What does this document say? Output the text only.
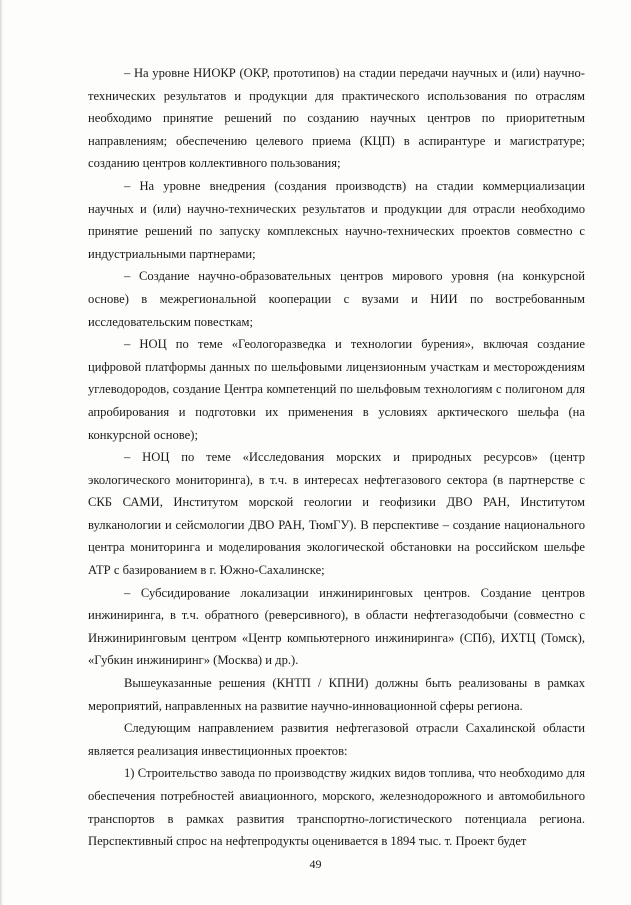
– На уровне НИОКР (ОКР, прототипов) на стадии передачи научных и (или) научно-технических результатов и продукции для практического использования по отраслям необходимо принятие решений по созданию научных центров по приоритетным направлениям; обеспечению целевого приема (КЦП) в аспирантуре и магистратуре; созданию центров коллективного пользования;

– На уровне внедрения (создания производств) на стадии коммерциализации научных и (или) научно-технических результатов и продукции для отрасли необходимо принятие решений по запуску комплексных научно-технических проектов совместно с индустриальными партнерами;

– Создание научно-образовательных центров мирового уровня (на конкурсной основе) в межрегиональной кооперации с вузами и НИИ по востребованным исследовательским повесткам;

– НОЦ по теме «Геологоразведка и технологии бурения», включая создание цифровой платформы данных по шельфовыми лицензионным участкам и месторождениям углеводородов, создание Центра компетенций по шельфовым технологиям с полигоном для апробирования и подготовки их применения в условиях арктического шельфа (на конкурсной основе);

– НОЦ по теме «Исследования морских и природных ресурсов» (центр экологического мониторинга), в т.ч. в интересах нефтегазового сектора (в партнерстве с СКБ САМИ, Институтом морской геологии и геофизики ДВО РАН, Институтом вулканологии и сейсмологии ДВО РАН, ТюмГУ). В перспективе – создание национального центра мониторинга и моделирования экологической обстановки на российском шельфе АТР с базированием в г. Южно-Сахалинске;

– Субсидирование локализации инжиниринговых центров. Создание центров инжиниринга, в т.ч. обратного (реверсивного), в области нефтегазодобычи (совместно с Инжиниринговым центром «Центр компьютерного инжиниринга» (СПб), ИХТЦ (Томск), «Губкин инжиниринг» (Москва) и др.).

Вышеуказанные решения (КНТП / КПНИ) должны быть реализованы в рамках мероприятий, направленных на развитие научно-инновационной сферы региона.

Следующим направлением развития нефтегазовой отрасли Сахалинской области является реализация инвестиционных проектов:

1) Строительство завода по производству жидких видов топлива, что необходимо для обеспечения потребностей авиационного, морского, железнодорожного и автомобильного транспортов в рамках развития транспортно-логистического потенциала региона. Перспективный спрос на нефтепродукты оценивается в 1894 тыс. т. Проект будет

49
